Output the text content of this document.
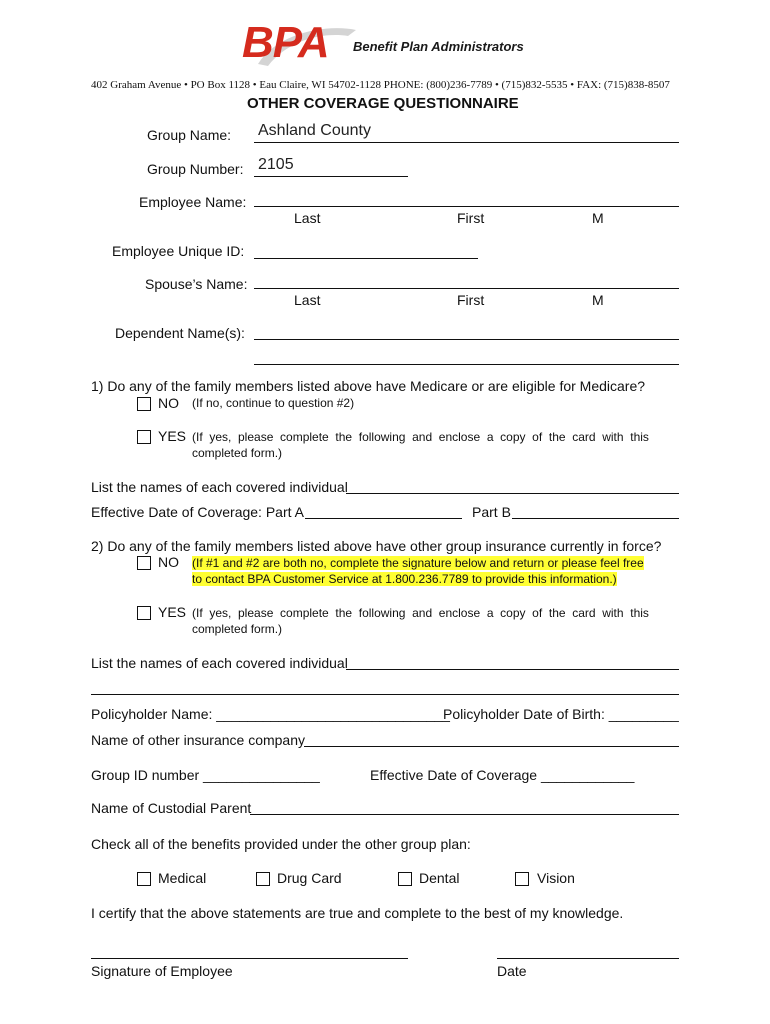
BPA Benefit Plan Administrators
402 Graham Avenue • PO Box 1128 • Eau Claire, WI 54702-1128 PHONE: (800)236-7789 • (715)832-5535 • FAX: (715)838-8507
OTHER COVERAGE QUESTIONNAIRE
Group Name: Ashland County
Group Number: 2105
Employee Name:
Last	First	M
Employee Unique ID:
Spouse’s Name:
Last	First	M
Dependent Name(s):
1) Do any of the family members listed above have Medicare or are eligible for Medicare?
NO (If no, continue to question #2)
YES (If  yes,  please  complete  the  following  and  enclose  a  copy  of  the  card  with  this
completed form.)
List the names of each covered individual
Effective Date of Coverage: Part A	Part B
2) Do any of the family members listed above have other group insurance currently in force?
NO (If #1 and #2 are both no, complete the signature below and return or please feel free
to contact BPA Customer Service at 1.800.236.7789 to provide this information.)
YES (If  yes,  please  complete  the  following  and  enclose  a  copy  of  the  card  with  this
completed form.)
List the names of each covered individual
Policyholder Name: ______________________________
Policyholder Date of Birth: _________
Name of other insurance company
Group ID number _______________	Effective Date of Coverage ____________
Name of Custodial Parent
Check all of the benefits provided under the other group plan:
Medical	Drug Card	Dental	Vision
I certify that the above statements are true and complete to the best of my knowledge.
Signature of Employee	Date
